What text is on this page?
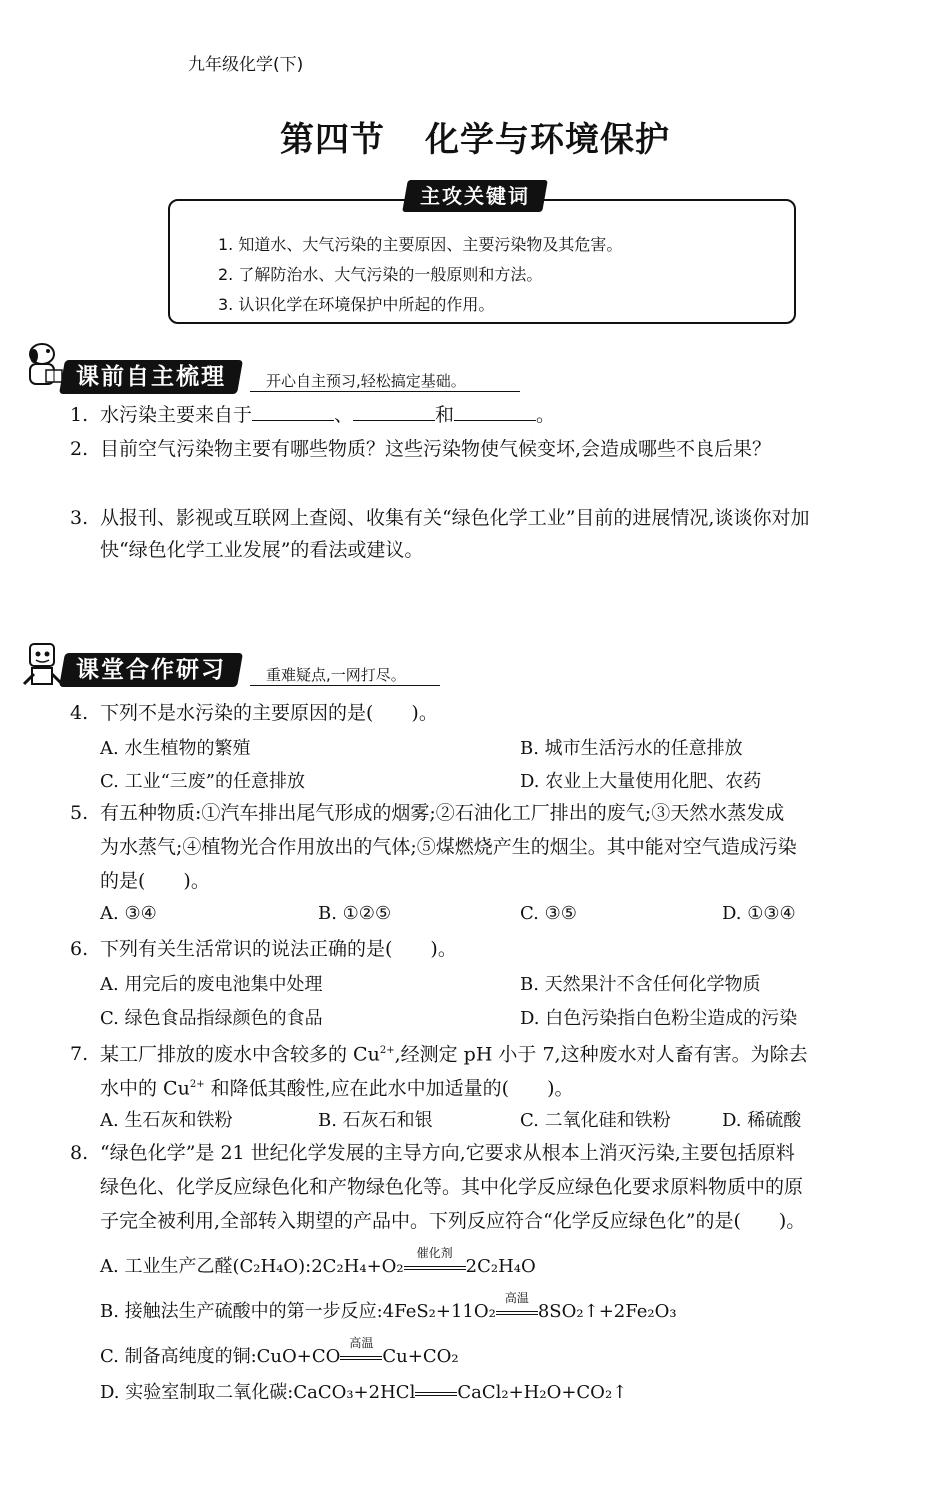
九年级化学(下)
第四节 化学与环境保护
主攻关键词
1. 知道水、大气污染的主要原因、主要污染物及其危害。
2. 了解防治水、大气污染的一般原则和方法。
3. 认识化学在环境保护中所起的作用。
课前自主梳理	开心自主预习,轻松搞定基础。
1. 水污染主要来自于	、	和	。
2. 目前空气污染物主要有哪些物质？这些污染物使气候变坏,会造成哪些不良后果？
3. 从报刊、影视或互联网上查阅、收集有关“绿色化学工业”目前的进展情况,谈谈你对加
快“绿色化学工业发展”的看法或建议。
课堂合作研习	重难疑点,一网打尽。
4. 下列不是水污染的主要原因的是(　　)。
A. 水生植物的繁殖	B. 城市生活污水的任意排放
C. 工业“三废”的任意排放	D. 农业上大量使用化肥、农药
5. 有五种物质:①汽车排出尾气形成的烟雾;②石油化工厂排出的废气;③天然水蒸发成
为水蒸气;④植物光合作用放出的气体;⑤煤燃烧产生的烟尘。其中能对空气造成污染
的是(　　)。
A. ③④	B. ①②⑤	C. ③⑤	D. ①③④
6. 下列有关生活常识的说法正确的是(　　)。
A. 用完后的废电池集中处理	B. 天然果汁不含任何化学物质
C. 绿色食品指绿颜色的食品	D. 白色污染指白色粉尘造成的污染
7. 某工厂排放的废水中含较多的 $Cu^{2+}$,经测定 pH 小于 7,这种废水对人畜有害。为除去
水中的 $Cu^{2+}$ 和降低其酸性,应在此水中加适量的(　　)。
A. 生石灰和铁粉	B. 石灰石和银	C. 二氧化硅和铁粉	D. 稀硫酸
8. “绿色化学”是 21 世纪化学发展的主导方向,它要求从根本上消灭污染,主要包括原料
绿色化、化学反应绿色化和产物绿色化等。其中化学反应绿色化要求原料物质中的原
子完全被利用,全部转入期望的产品中。下列反应符合“化学反应绿色化”的是(　　)。
A. 工业生产乙醛(C₂H₄O):2C₂H₄+O₂
催化剂
2C₂H₄O
B. 接触法生产硫酸中的第一步反应:4FeS₂+11O₂
高温
8SO₂↑+2Fe₂O₃
C. 制备高纯度的铜:CuO+CO
高温
Cu+CO₂
D. 实验室制取二氧化碳:CaCO₃+2HCl CaCl₂+H₂O+CO₂↑
